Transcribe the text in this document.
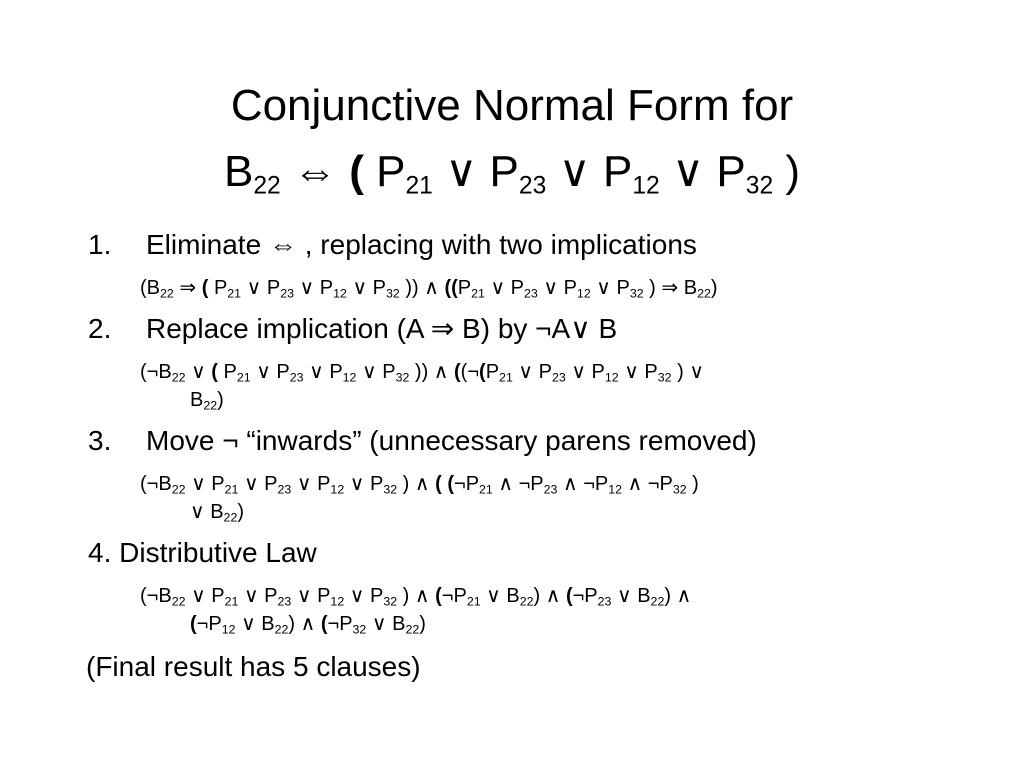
Conjunctive Normal Form for
$B_{22}$ ⇔ ( $P_{21}$ ∨ $P_{23}$ ∨ $P_{12}$ ∨ $P_{32}$ )
1. Eliminate ⇔ , replacing with two implications
($B_{22}$ ⇒ ( $P_{21}$ ∨ $P_{23}$ ∨ $P_{12}$ ∨ $P_{32}$ )) ∧ (($P_{21}$ ∨ $P_{23}$ ∨ $P_{12}$ ∨ $P_{32}$ ) ⇒ $B_{22}$)
2. Replace implication (A ⇒ B) by ¬A∨ B
($\neg B_{22}$ ∨ ( $P_{21}$ ∨ $P_{23}$ ∨ $P_{12}$ ∨ $P_{32}$ )) ∧ (($\neg(P_{21}$ ∨ $P_{23}$ ∨ $P_{12}$ ∨ $P_{32}$ ) ∨
$B_{22}$)
3. Move ¬ “inwards” (unnecessary parens removed)
($\neg B_{22}$ ∨ $P_{21}$ ∨ $P_{23}$ ∨ $P_{12}$ ∨ $P_{32}$ ) ∧ ( ($\neg P_{21}$ ∧ $\neg P_{23}$ ∧ $\neg P_{12}$ ∧ $\neg P_{32}$ )
∨ $B_{22}$)
4. Distributive Law
($\neg B_{22}$ ∨ $P_{21}$ ∨ $P_{23}$ ∨ $P_{12}$ ∨ $P_{32}$ ) ∧ ($\neg P_{21}$ ∨ $B_{22}$) ∧ ($\neg P_{23}$ ∨ $B_{22}$) ∧
($\neg P_{12}$ ∨ $B_{22}$) ∧ ($\neg P_{32}$ ∨ $B_{22}$)
(Final result has 5 clauses)
